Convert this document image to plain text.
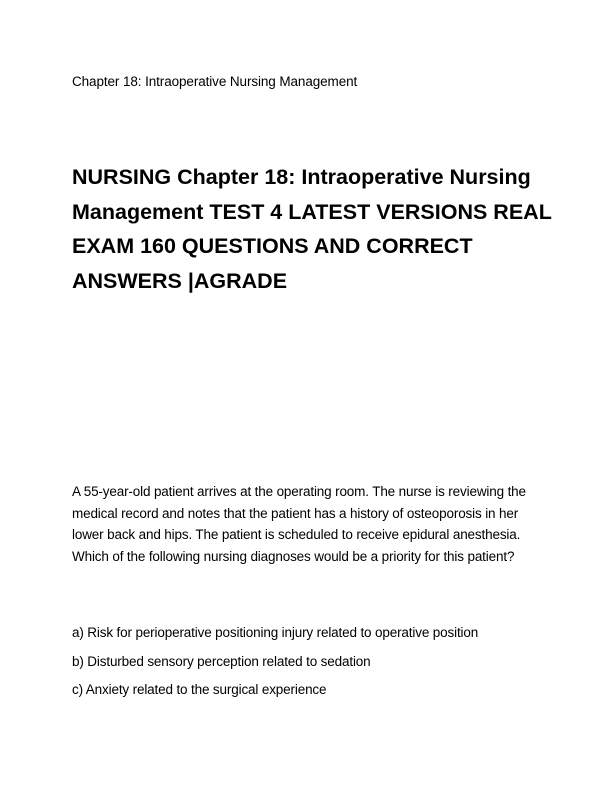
Chapter 18: Intraoperative Nursing Management
NURSING Chapter 18: Intraoperative Nursing Management TEST 4 LATEST VERSIONS REAL EXAM 160 QUESTIONS AND CORRECT ANSWERS |AGRADE

A 55-year-old patient arrives at the operating room. The nurse is reviewing the medical record and notes that the patient has a history of osteoporosis in her lower back and hips. The patient is scheduled to receive epidural anesthesia. Which of the following nursing diagnoses would be a priority for this patient?

a) Risk for perioperative positioning injury related to operative position
b) Disturbed sensory perception related to sedation
c) Anxiety related to the surgical experience
